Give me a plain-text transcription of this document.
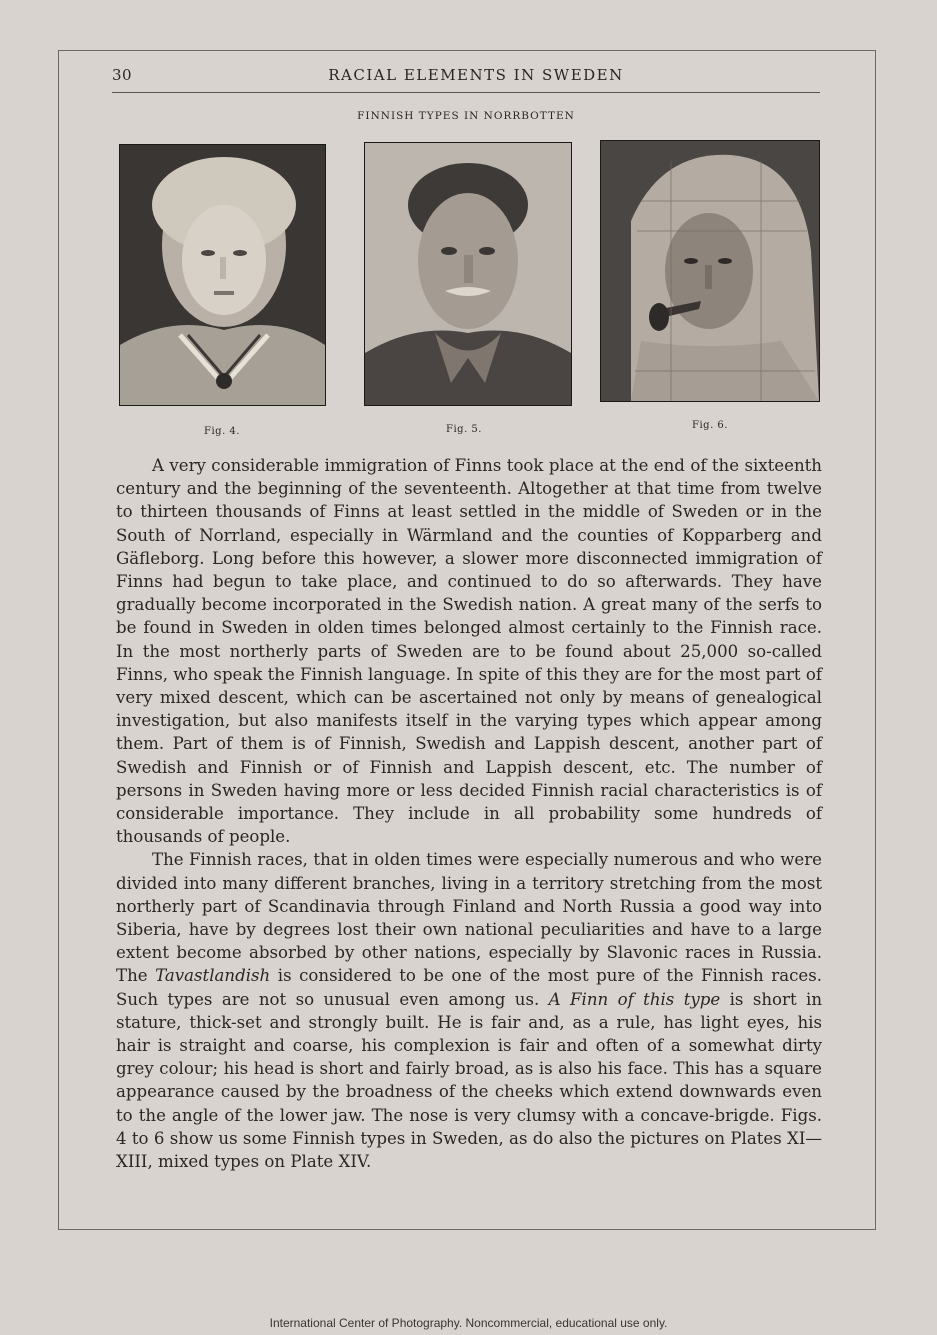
30	RACIAL ELEMENTS IN SWEDEN
FINNISH TYPES IN NORRBOTTEN
Fig. 4.	Fig. 5.	Fig. 6.

A very considerable immigration of Finns took place at the end of the sixteenth century and the beginning of the seventeenth. Altogether at that time from twelve to thirteen thousands of Finns at least settled in the middle of Sweden or in the South of Norrland, especially in Wärmland and the counties of Kopparberg and Gäfleborg. Long before this however, a slower more disconnected immigration of Finns had begun to take place, and continued to do so afterwards. They have gradually become incorporated in the Swedish nation. A great many of the serfs to be found in Sweden in olden times belonged almost certainly to the Finnish race. In the most northerly parts of Sweden are to be found about 25,000 so-called Finns, who speak the Finnish language. In spite of this they are for the most part of very mixed descent, which can be ascertained not only by means of genealogical investigation, but also manifests itself in the varying types which appear among them. Part of them is of Finnish, Swedish and Lappish descent, another part of Swedish and Finnish or of Finnish and Lappish descent, etc. The number of persons in Sweden having more or less decided Finnish racial characteristics is of considerable importance. They include in all probability some hundreds of thousands of people.

The Finnish races, that in olden times were especially numerous and who were divided into many different branches, living in a territory stretching from the most northerly part of Scandinavia through Finland and North Russia a good way into Siberia, have by degrees lost their own national peculiarities and have to a large extent become absorbed by other nations, especially by Slavonic races in Russia. The Tavastlandish is considered to be one of the most pure of the Finnish races. Such types are not so unusual even among us. A Finn of this type is short in stature, thick-set and strongly built. He is fair and, as a rule, has light eyes, his hair is straight and coarse, his complexion is fair and often of a somewhat dirty grey colour; his head is short and fairly broad, as is also his face. This has a square appearance caused by the broadness of the cheeks which extend downwards even to the angle of the lower jaw. The nose is very clumsy with a concave-brigde. Figs. 4 to 6 show us some Finnish types in Sweden, as do also the pictures on Plates XI—XIII, mixed types on Plate XIV.

International Center of Photography. Noncommercial, educational use only.
